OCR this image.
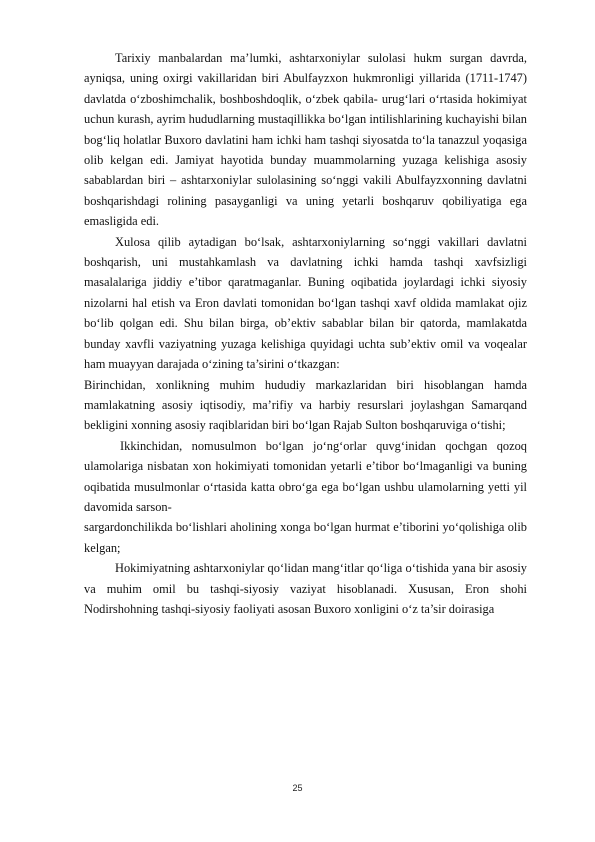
Tarixiy manbalardan ma’lumki, ashtarxoniylar sulolasi hukm surgan davrda, ayniqsa, uning oxirgi vakillaridan biri Abulfayzxon hukmronligi yillarida (1711-1747) davlatda o‘zboshimchalik, boshboshdoqlik, o‘zbek qabila- urug‘lari o‘rtasida hokimiyat uchun kurash, ayrim hududlarning mustaqillikka bo‘lgan intilishlarining kuchayishi bilan bog‘liq holatlar Buxoro davlatini ham ichki ham tashqi siyosatda to‘la tanazzul yoqasiga olib kelgan edi. Jamiyat hayotida bunday muammolarning yuzaga kelishiga asosiy sabablardan biri – ashtarxoniylar sulolasining so‘nggi vakili Abulfayzxonning davlatni boshqarishdagi rolining pasayganligi va uning yetarli boshqaruv qobiliyatiga ega emasligida edi.

Xulosa qilib aytadigan bo‘lsak, ashtarxoniylarning so‘nggi vakillari davlatni boshqarish, uni mustahkamlash va davlatning ichki hamda tashqi xavfsizligi masalalariga jiddiy e’tibor qaratmaganlar. Buning oqibatida joylardagi ichki siyosiy nizolarni hal etish va Eron davlati tomonidan bo‘lgan tashqi xavf oldida mamlakat ojiz bo‘lib qolgan edi. Shu bilan birga, ob’ektiv sabablar bilan bir qatorda, mamlakatda bunday xavfli vaziyatning yuzaga kelishiga quyidagi uchta sub’ektiv omil va voqealar ham muayyan darajada o‘zining ta’sirini o‘tkazgan:

Birinchidan, xonlikning muhim hududiy markazlaridan biri hisoblangan hamda mamlakatning asosiy iqtisodiy, ma’rifiy va harbiy resurslari joylashgan Samarqand bekligini xonning asosiy raqiblaridan biri bo‘lgan Rajab Sulton boshqaruviga o‘tishi;

Ikkinchidan, nomusulmon bo‘lgan jo‘ng‘orlar quvg‘inidan qochgan qozoq ulamolariga nisbatan xon hokimiyati tomonidan yetarli e’tibor bo‘lmaganligi va buning oqibatida musulmonlar o‘rtasida katta obro‘ga ega bo‘lgan ushbu ulamolarning yetti yil davomida sarson-

sargardonchilikda bo‘lishlari aholining xonga bo‘lgan hurmat e’tiborini yo‘qolishiga olib kelgan;

Hokimiyatning ashtarxoniylar qo‘lidan mang‘itlar qo‘liga o‘tishida yana bir asosiy va muhim omil bu tashqi-siyosiy vaziyat hisoblanadi. Xususan, Eron shohi Nodirshohning tashqi-siyosiy faoliyati asosan Buxoro xonligini o‘z ta’sir doirasiga

25
